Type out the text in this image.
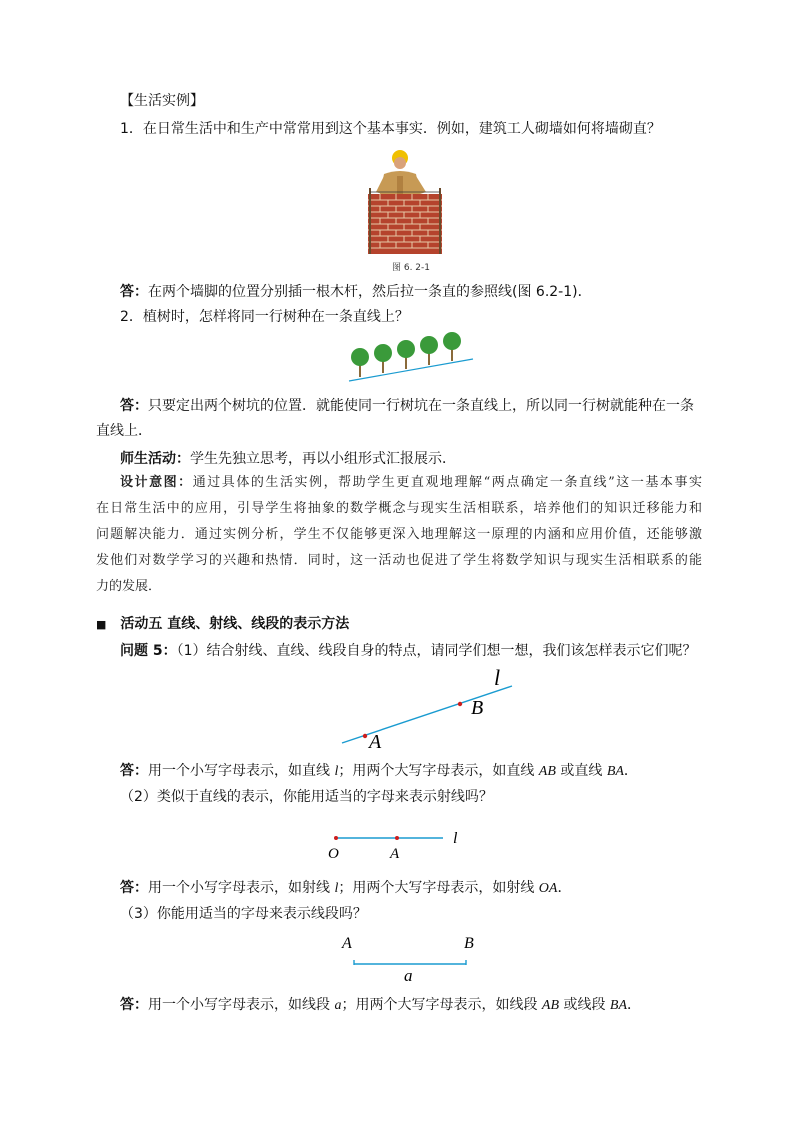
【生活实例】
1．在日常生活中和生产中常常用到这个基本事实．例如，建筑工人砌墙如何将墙砌直？
图 6. 2-1
答：在两个墙脚的位置分别插一根木杆，然后拉一条直的参照线(图 6.2-1)．
2．植树时，怎样将同一行树种在一条直线上？
答：只要定出两个树坑的位置．就能使同一行树坑在一条直线上，所以同一行树就能种在一条
直线上．
师生活动：学生先独立思考，再以小组形式汇报展示．
设计意图：通过具体的生活实例，帮助学生更直观地理解“两点确定一条直线”这一基本事实
在日常生活中的应用，引导学生将抽象的数学概念与现实生活相联系，培养他们的知识迁移能力和
问题解决能力．通过实例分析，学生不仅能够更深入地理解这一原理的内涵和应用价值，还能够激
发他们对数学学习的兴趣和热情．同时，这一活动也促进了学生将数学知识与现实生活相联系的能
力的发展．
■ 活动五 直线、射线、线段的表示方法
问题 5：（1）结合射线、直线、线段自身的特点，请同学们想一想，我们该怎样表示它们呢？
l
B
A
答：用一个小写字母表示，如直线 l；用两个大写字母表示，如直线 AB 或直线 BA．
（2）类似于直线的表示，你能用适当的字母来表示射线吗？
O	A
l
答：用一个小写字母表示，如射线 l；用两个大写字母表示，如射线 OA．
（3）你能用适当的字母来表示线段吗？
A	B
a
答：用一个小写字母表示，如线段 a；用两个大写字母表示，如线段 AB 或线段 BA．
